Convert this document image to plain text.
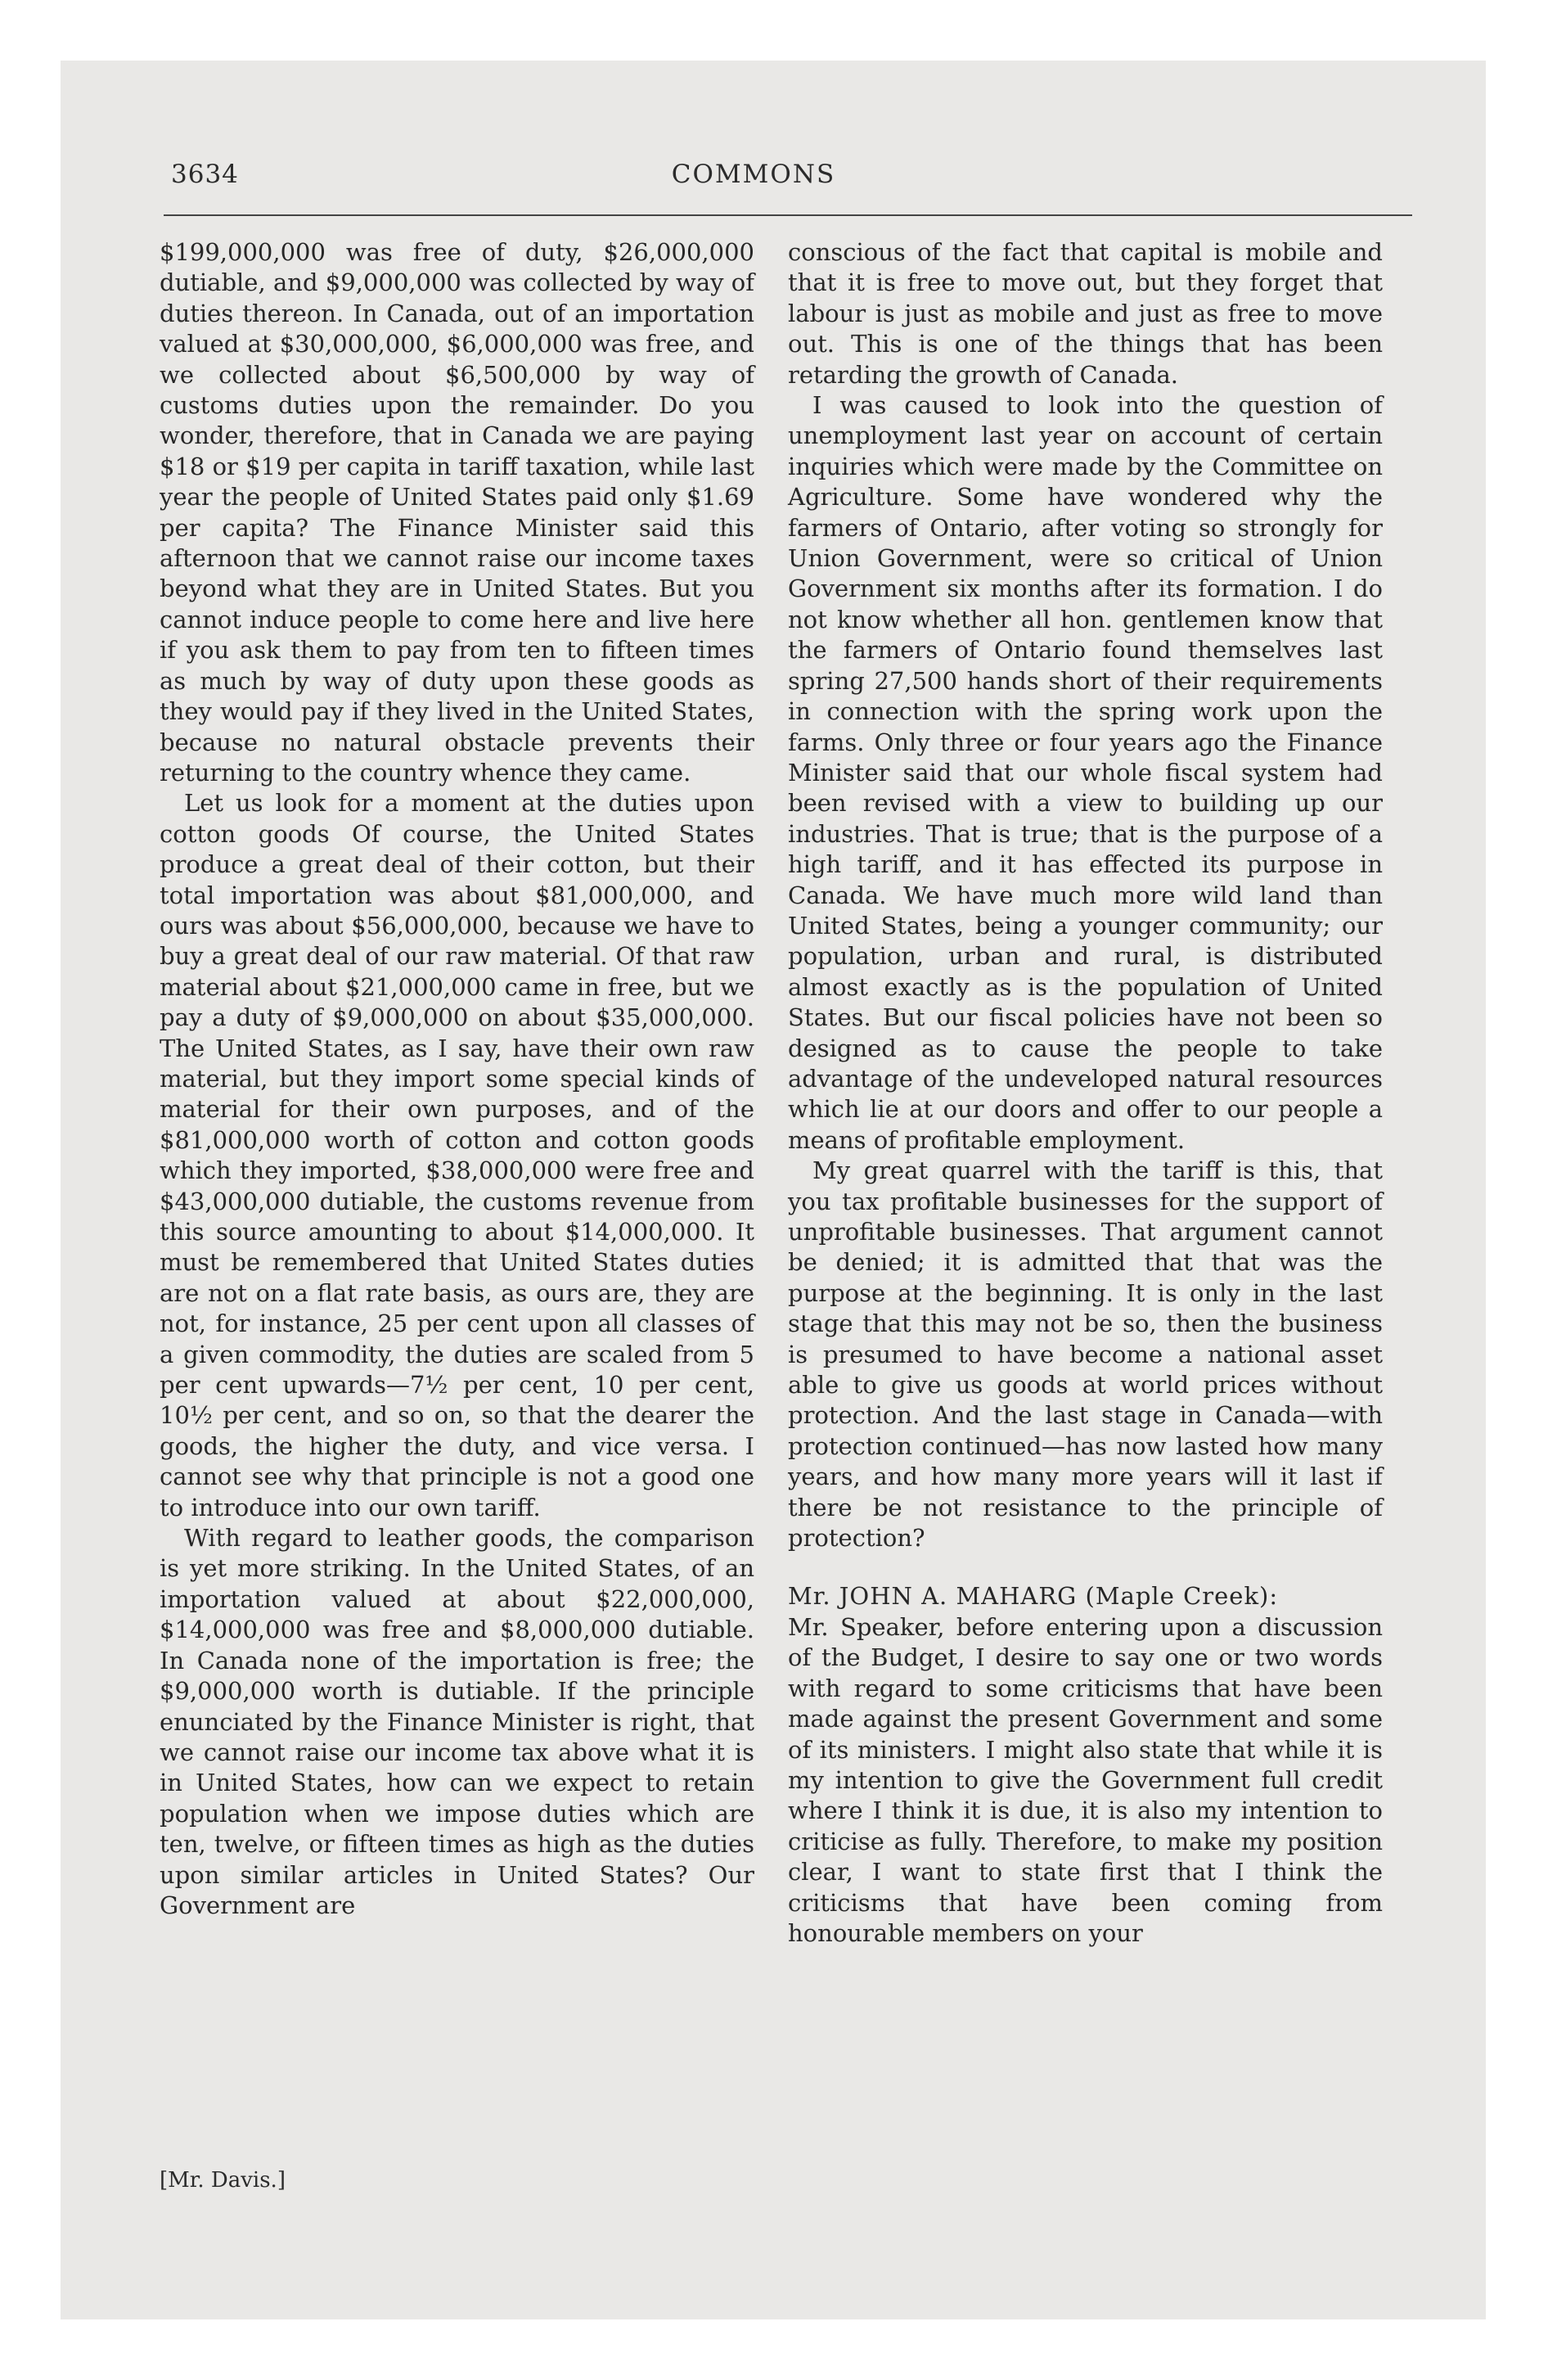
3634	COMMONS

$199,000,000 was free of duty, $26,000,000 dutiable, and $9,000,000 was collected by way of duties thereon. In Canada, out of an importation valued at $30,000,000, $6,000,000 was free, and we collected about $6,500,000 by way of customs duties upon the remainder. Do you wonder, therefore, that in Canada we are paying $18 or $19 per capita in tariff taxation, while last year the people of United States paid only $1.69 per capita? The Finance Minister said this afternoon that we cannot raise our income taxes beyond what they are in United States. But you cannot induce people to come here and live here if you ask them to pay from ten to fifteen times as much by way of duty upon these goods as they would pay if they lived in the United States, because no natural obstacle prevents their returning to the country whence they came.

Let us look for a moment at the duties upon cotton goods Of course, the United States produce a great deal of their cotton, but their total importation was about $81,000,000, and ours was about $56,000,000, because we have to buy a great deal of our raw material. Of that raw material about $21,000,000 came in free, but we pay a duty of $9,000,000 on about $35,000,000. The United States, as I say, have their own raw material, but they import some special kinds of material for their own purposes, and of the $81,000,000 worth of cotton and cotton goods which they imported, $38,000,000 were free and $43,000,000 dutiable, the customs revenue from this source amounting to about $14,000,000. It must be remembered that United States duties are not on a flat rate basis, as ours are, they are not, for instance, 25 per cent upon all classes of a given commodity, the duties are scaled from 5 per cent upwards—7½ per cent, 10 per cent, 10½ per cent, and so on, so that the dearer the goods, the higher the duty, and vice versa. I cannot see why that principle is not a good one to introduce into our own tariff.

With regard to leather goods, the comparison is yet more striking. In the United States, of an importation valued at about $22,000,000, $14,000,000 was free and $8,000,000 dutiable. In Canada none of the importation is free; the $9,000,000 worth is dutiable. If the principle enunciated by the Finance Minister is right, that we cannot raise our income tax above what it is in United States, how can we expect to retain population when we impose duties which are ten, twelve, or fifteen times as high as the duties upon similar articles in United States? Our Government are

[Mr. Davis.]

conscious of the fact that capital is mobile and that it is free to move out, but they forget that labour is just as mobile and just as free to move out. This is one of the things that has been retarding the growth of Canada.

I was caused to look into the question of unemployment last year on account of certain inquiries which were made by the Committee on Agriculture. Some have wondered why the farmers of Ontario, after voting so strongly for Union Government, were so critical of Union Government six months after its formation. I do not know whether all hon. gentlemen know that the farmers of Ontario found themselves last spring 27,500 hands short of their requirements in connection with the spring work upon the farms. Only three or four years ago the Finance Minister said that our whole fiscal system had been revised with a view to building up our industries. That is true; that is the purpose of a high tariff, and it has effected its purpose in Canada. We have much more wild land than United States, being a younger community; our population, urban and rural, is distributed almost exactly as is the population of United States. But our fiscal policies have not been so designed as to cause the people to take advantage of the undeveloped natural resources which lie at our doors and offer to our people a means of profitable employment.

My great quarrel with the tariff is this, that you tax profitable businesses for the support of unprofitable businesses. That argument cannot be denied; it is admitted that that was the purpose at the beginning. It is only in the last stage that this may not be so, then the business is presumed to have become a national asset able to give us goods at world prices without protection. And the last stage in Canada—with protection continued—has now lasted how many years, and how many more years will it last if there be not resistance to the principle of protection?

Mr. JOHN A. MAHARG (Maple Creek):

Mr. Speaker, before entering upon a discussion of the Budget, I desire to say one or two words with regard to some criticisms that have been made against the present Government and some of its ministers. I might also state that while it is my intention to give the Government full credit where I think it is due, it is also my intention to criticise as fully. Therefore, to make my position clear, I want to state first that I think the criticisms that have been coming from honourable members on your
